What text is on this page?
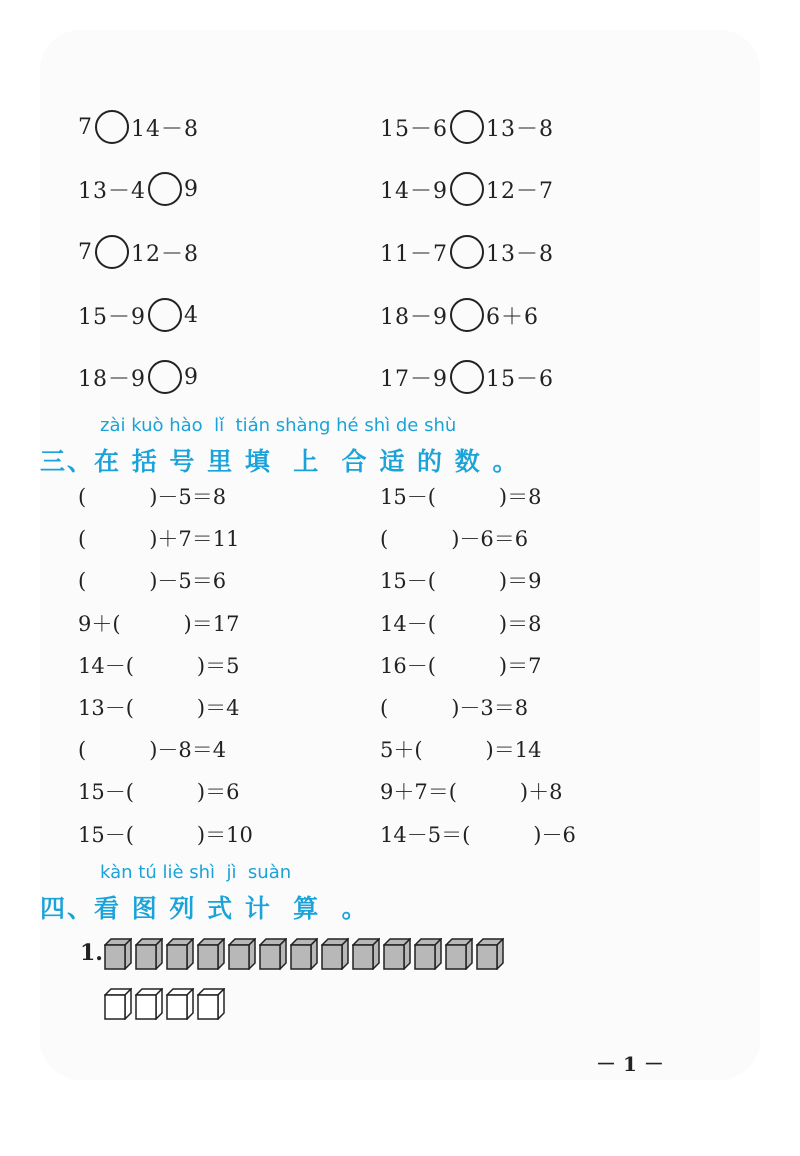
7 14－8	15－6 13－8
13－4 9	14－9 12－7
7 12－8	11－7 13－8
15－9 4	18－9 6＋6
18－9 9	17－9 15－6
zài kuò hào  lǐ  tián shàng hé shì de shù
三、在 括 号 里 填  上  合 适 的 数 。
(　　　)－5＝8	15－(　　　)＝8
(　　　)＋7＝11	(　　　)－6＝6
(　　　)－5＝6	15－(　　　)＝9
9＋(　　　)＝17	14－(　　　)＝8
14－(　　　)＝5	16－(　　　)＝7
13－(　　　)＝4	(　　　)－3＝8
(　　　)－8＝4	5＋(　　　)＝14
15－(　　　)＝6	9＋7＝(　　　)＋8
15－(　　　)＝10	14－5＝(　　　)－6
kàn tú liè shì  jì  suàn
四、看 图 列 式 计  算  。
1.
－ 1 －
